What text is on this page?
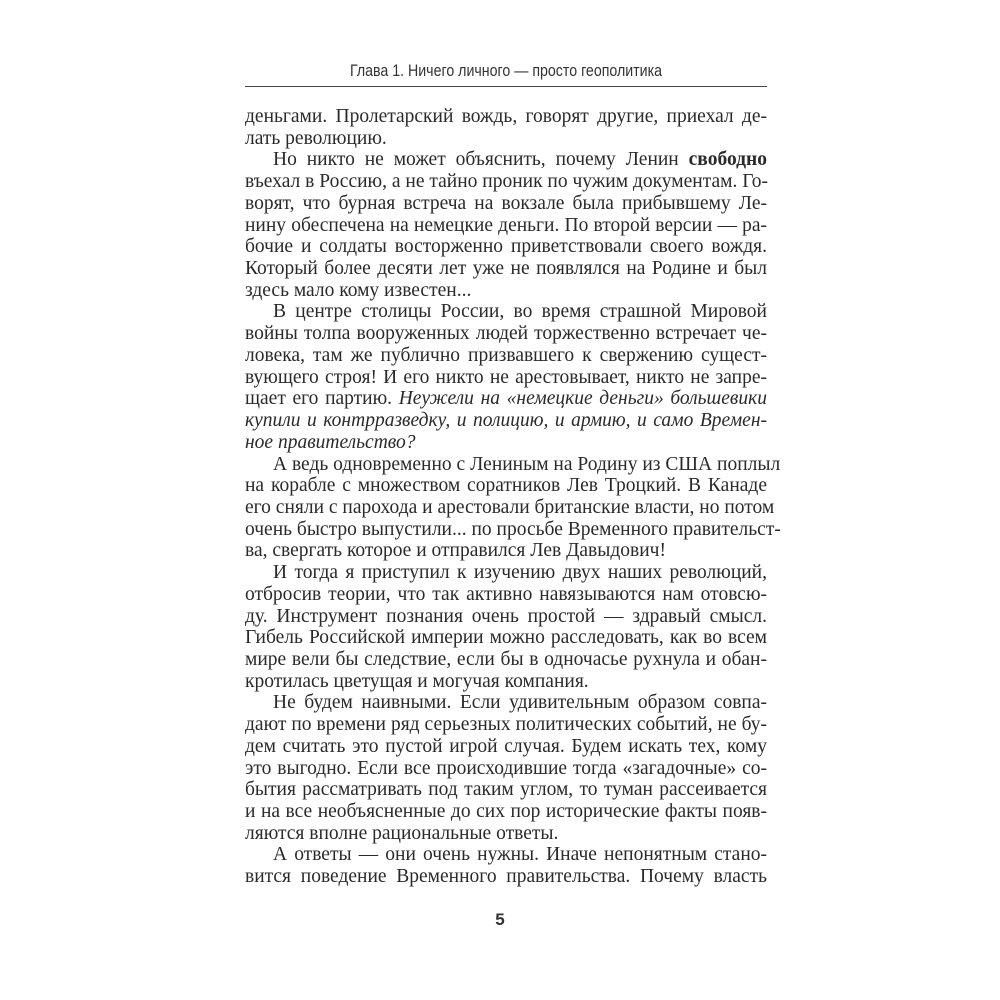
Глава 1. Ничего личного — просто геополитика
деньгами. Пролетарский вождь, говорят другие, приехал де-
лать революцию.
Но никто не может объяснить, почему Ленин свободно
въехал в Россию, а не тайно проник по чужим документам. Го-
ворят, что бурная встреча на вокзале была прибывшему Ле-
нину обеспечена на немецкие деньги. По второй версии — ра-
бочие и солдаты восторженно приветствовали своего вождя.
Который более десяти лет уже не появлялся на Родине и был
здесь мало кому известен...
В центре столицы России, во время страшной Мировой
войны толпа вооруженных людей торжественно встречает че-
ловека, там же публично призвавшего к свержению сущест-
вующего строя! И его никто не арестовывает, никто не запре-
щает его партию. Неужели на «немецкие деньги» большевики
купили и контрразведку, и полицию, и армию, и само Времен-
ное правительство?
А ведь одновременно с Лениным на Родину из США поплыл
на корабле с множеством соратников Лев Троцкий. В Канаде
его сняли с парохода и арестовали британские власти, но потом
очень быстро выпустили... по просьбе Временного правительст-
ва, свергать которое и отправился Лев Давыдович!
И тогда я приступил к изучению двух наших революций,
отбросив теории, что так активно навязываются нам отовсю-
ду. Инструмент познания очень простой — здравый смысл.
Гибель Российской империи можно расследовать, как во всем
мире вели бы следствие, если бы в одночасье рухнула и обан-
кротилась цветущая и могучая компания.
Не будем наивными. Если удивительным образом совпа-
дают по времени ряд серьезных политических событий, не бу-
дем считать это пустой игрой случая. Будем искать тех, кому
это выгодно. Если все происходившие тогда «загадочные» со-
бытия рассматривать под таким углом, то туман рассеивается
и на все необъясненные до сих пор исторические факты появ-
ляются вполне рациональные ответы.
А ответы — они очень нужны. Иначе непонятным стано-
вится поведение Временного правительства. Почему власть
5
